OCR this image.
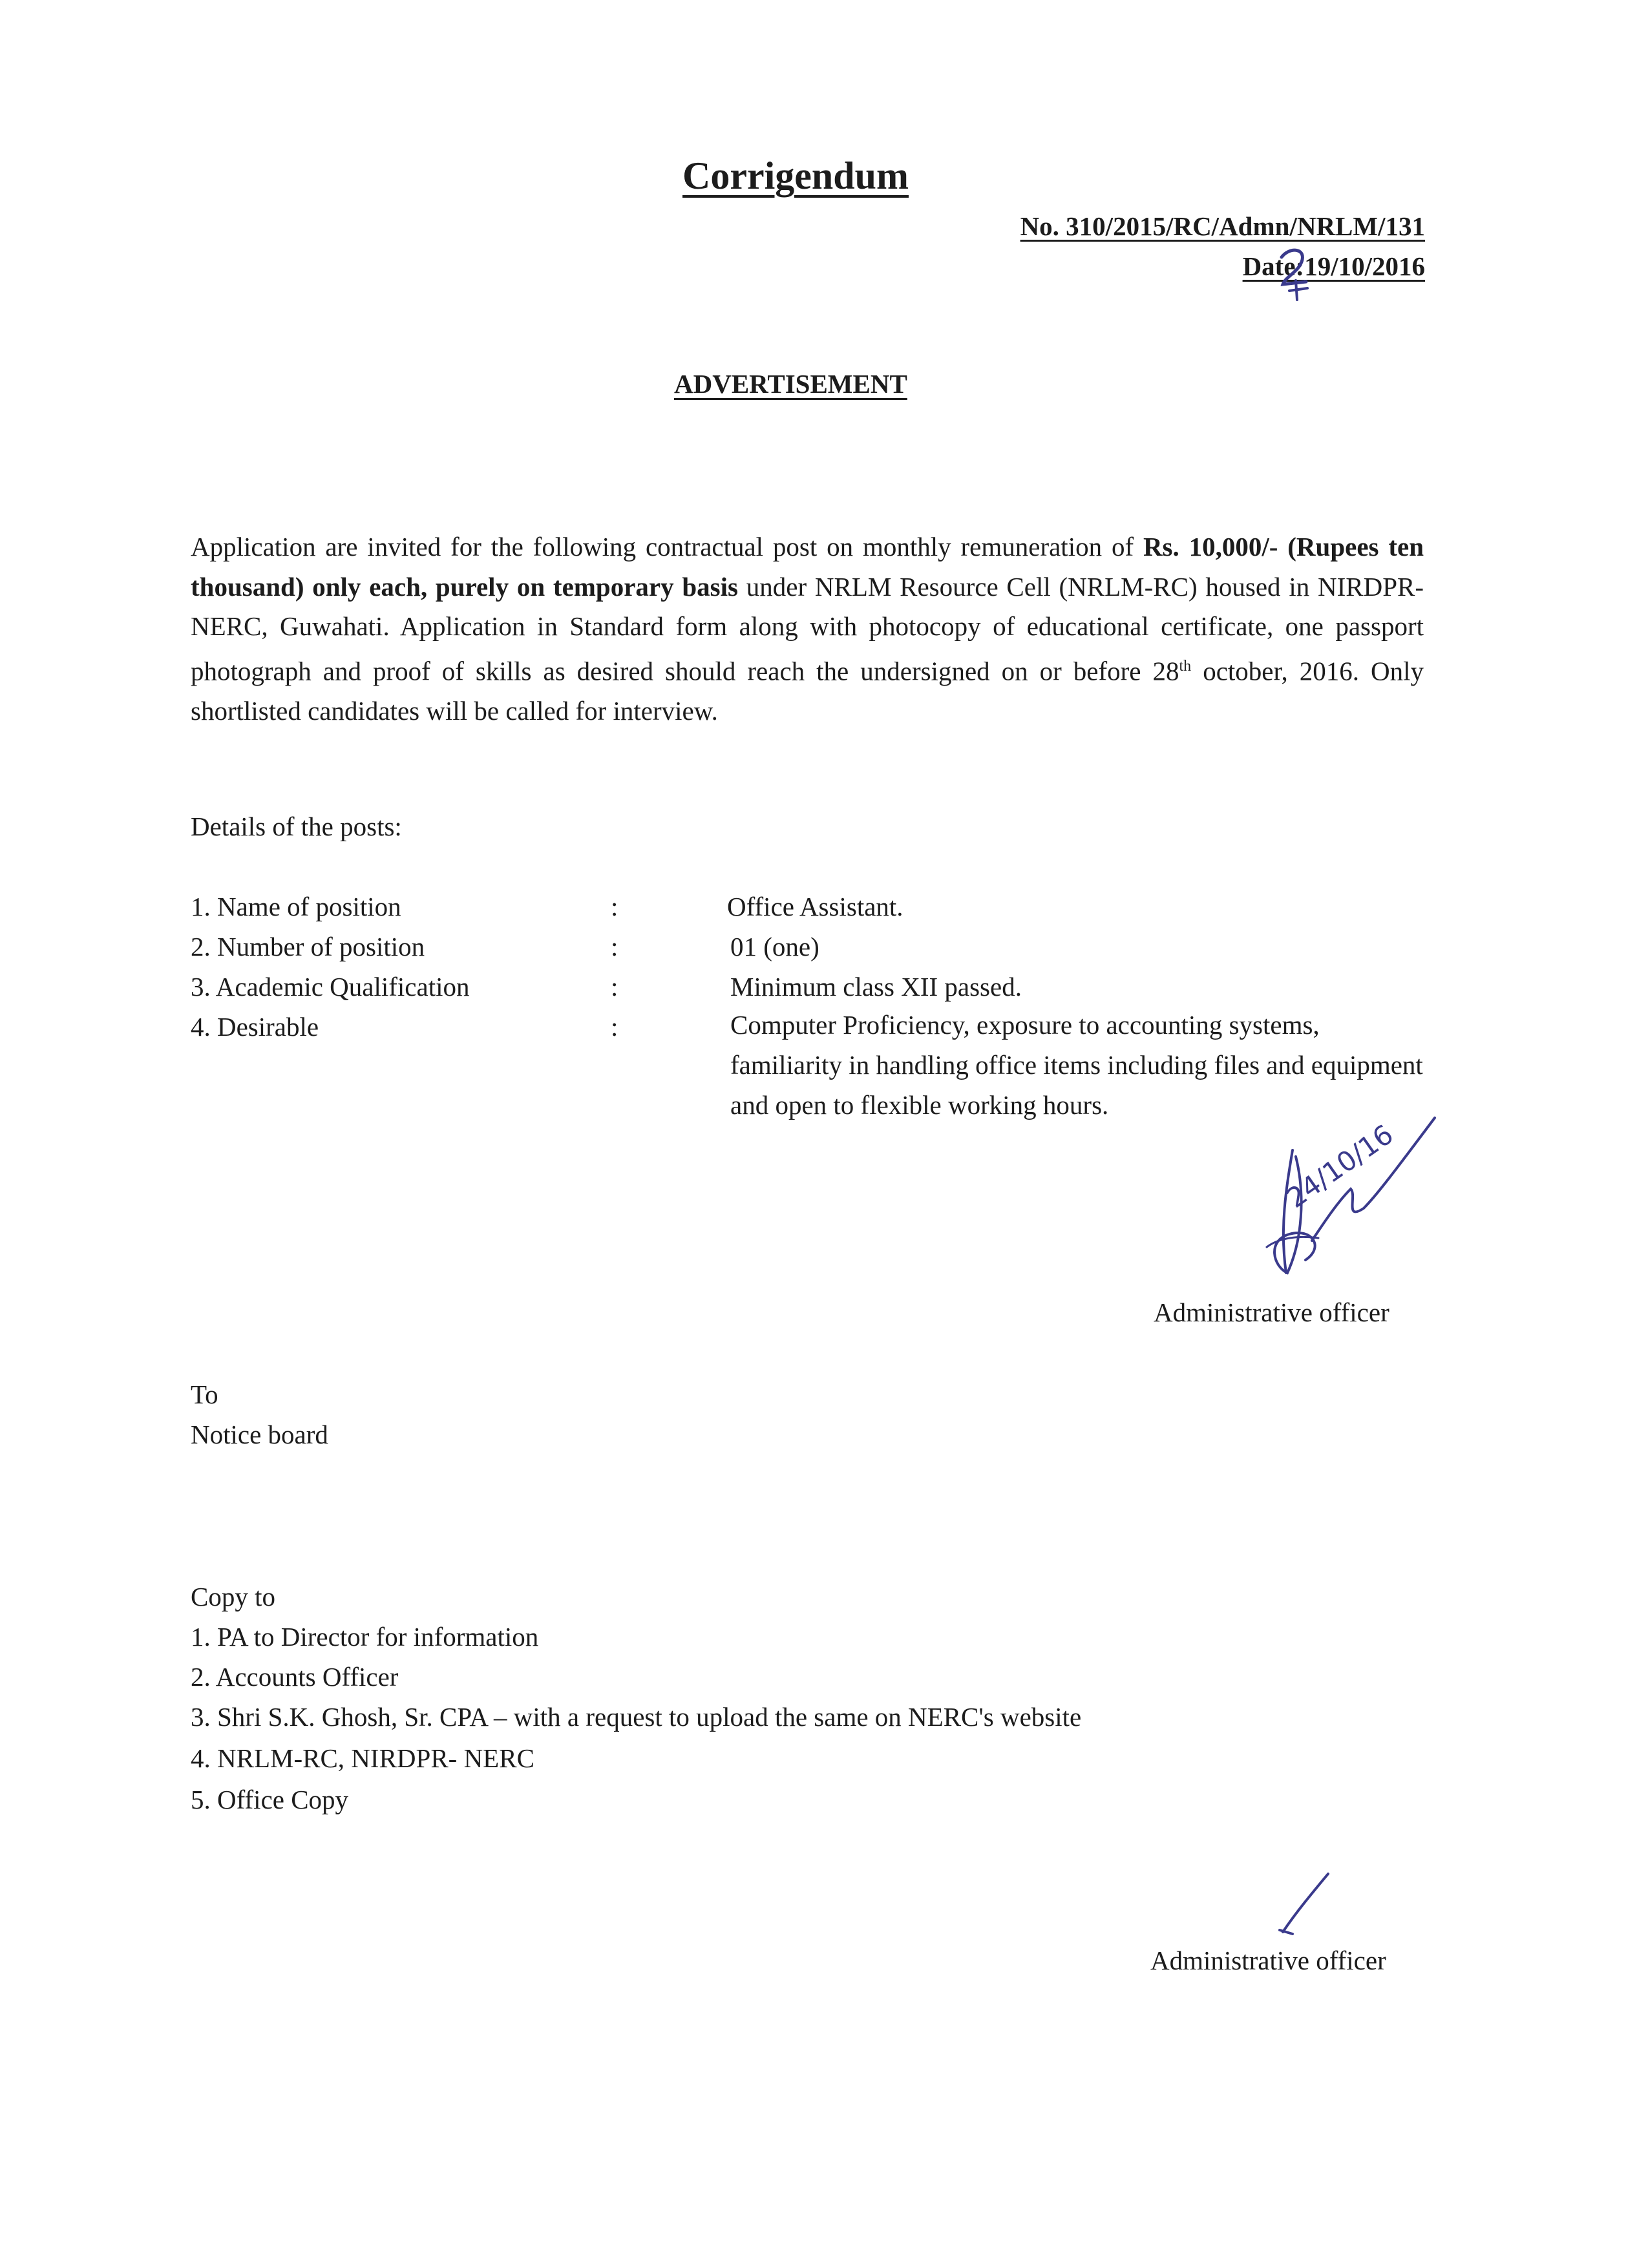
Corrigendum
No. 310/2015/RC/Admn/NRLM/131
Date:19/10/2016
ADVERTISEMENT
Application are invited for the following contractual post on monthly remuneration of Rs. 10,000/- (Rupees ten thousand) only each, purely on temporary basis under NRLM Resource Cell (NRLM-RC) housed in NIRDPR-NERC, Guwahati. Application in Standard form along with photocopy of educational certificate, one passport photograph and proof of skills as desired should reach the undersigned on or before 28th october, 2016. Only shortlisted candidates will be called for interview.
Details of the posts:
1. Name of position	:	Office Assistant.
2. Number of position	:	01 (one)
3. Academic Qualification	:	Minimum class XII passed.
4. Desirable	:	Computer Proficiency, exposure to accounting systems, familiarity in handling office items including files and equipment and open to flexible working hours.
24/10/16
Administrative officer
To
Notice board
Copy to
1. PA to Director for information
2. Accounts Officer
3. Shri S.K. Ghosh, Sr. CPA – with a request to upload the same on NERC's website
4. NRLM-RC, NIRDPR- NERC
5. Office Copy
Administrative officer
